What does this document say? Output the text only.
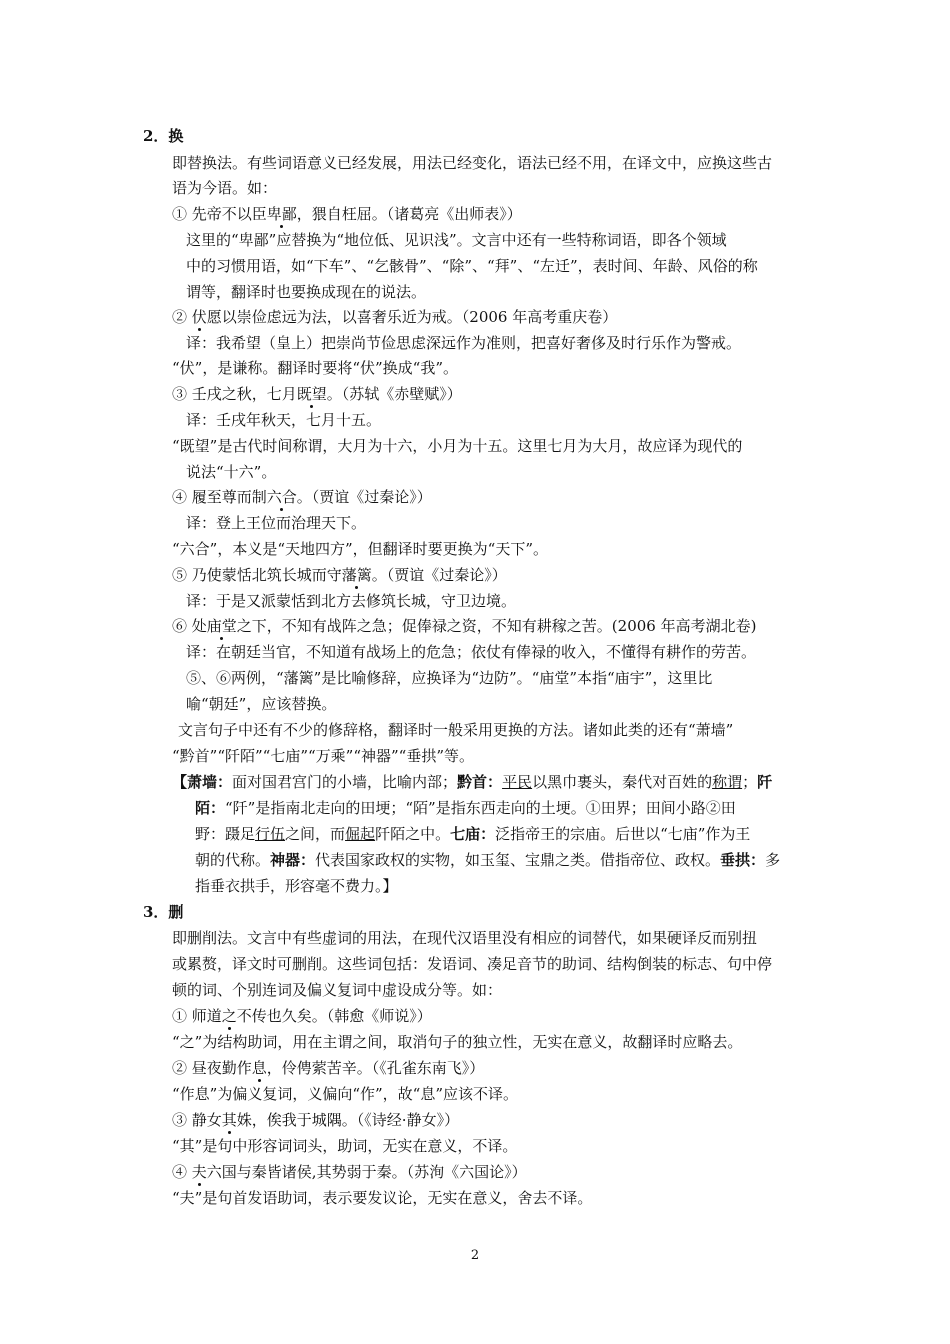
2．换
即替换法。有些词语意义已经发展，用法已经变化，语法已经不用，在译文中，应换这些古
语为今语。如：
① 先帝不以臣卑鄙，猥自枉屈。（诸葛亮《出师表》）
这里的“卑鄙”应替换为“地位低、见识浅”。文言中还有一些特称词语，即各个领域
中的习惯用语，如“下车”、“乞骸骨”、“除”、“拜”、“左迁”，表时间、年龄、风俗的称
谓等，翻译时也要换成现在的说法。
② 伏愿以崇俭虑远为法，以喜奢乐近为戒。（2006 年高考重庆卷）
译：我希望（皇上）把崇尚节俭思虑深远作为准则，把喜好奢侈及时行乐作为警戒。
“伏”，是谦称。翻译时要将“伏”换成“我”。
③ 壬戌之秋，七月既望。（苏轼《赤壁赋》）
译：壬戌年秋天，七月十五。
“既望”是古代时间称谓，大月为十六，小月为十五。这里七月为大月，故应译为现代的
说法“十六”。
④ 履至尊而制六合。（贾谊《过秦论》）
译：登上王位而治理天下。
“六合”，本义是“天地四方”，但翻译时要更换为“天下”。
⑤ 乃使蒙恬北筑长城而守藩篱。（贾谊《过秦论》）
译：于是又派蒙恬到北方去修筑长城，守卫边境。
⑥ 处庙堂之下，不知有战阵之急；促俸禄之资，不知有耕稼之苦。(2006 年高考湖北卷)
译：在朝廷当官，不知道有战场上的危急；依仗有俸禄的收入，不懂得有耕作的劳苦。
⑤、⑥两例，“藩篱”是比喻修辞，应换译为“边防”。“庙堂”本指“庙宇”，这里比
喻“朝廷”，应该替换。
文言句子中还有不少的修辞格，翻译时一般采用更换的方法。诸如此类的还有“萧墙”
“黔首”“阡陌”“七庙”“万乘”“神器”“垂拱”等。
【萧墙：面对国君宫门的小墙，比喻内部；黔首：平民以黑巾裹头，秦代对百姓的称谓；阡
陌：“阡”是指南北走向的田埂；“陌”是指东西走向的土埂。①田界；田间小路②田
野：蹑足行伍之间，而倔起阡陌之中。七庙：泛指帝王的宗庙。后世以“七庙”作为王
朝的代称。神器：代表国家政权的实物，如玉玺、宝鼎之类。借指帝位、政权。垂拱：多
指垂衣拱手，形容毫不费力。】
3．删
即删削法。文言中有些虚词的用法，在现代汉语里没有相应的词替代，如果硬译反而别扭
或累赘，译文时可删削。这些词包括：发语词、凑足音节的助词、结构倒装的标志、句中停
顿的词、个别连词及偏义复词中虚设成分等。如：
① 师道之不传也久矣。（韩愈《师说》）
“之”为结构助词，用在主谓之间，取消句子的独立性，无实在意义，故翻译时应略去。
② 昼夜勤作息，伶俜萦苦辛。（《孔雀东南飞》）
“作息”为偏义复词，义偏向“作”，故“息”应该不译。
③ 静女其姝，俟我于城隅。（《诗经·静女》）
“其”是句中形容词词头，助词，无实在意义，不译。
④ 夫六国与秦皆诸侯,其势弱于秦。（苏洵《六国论》）
“夫”是句首发语助词，表示要发议论，无实在意义，舍去不译。
2
